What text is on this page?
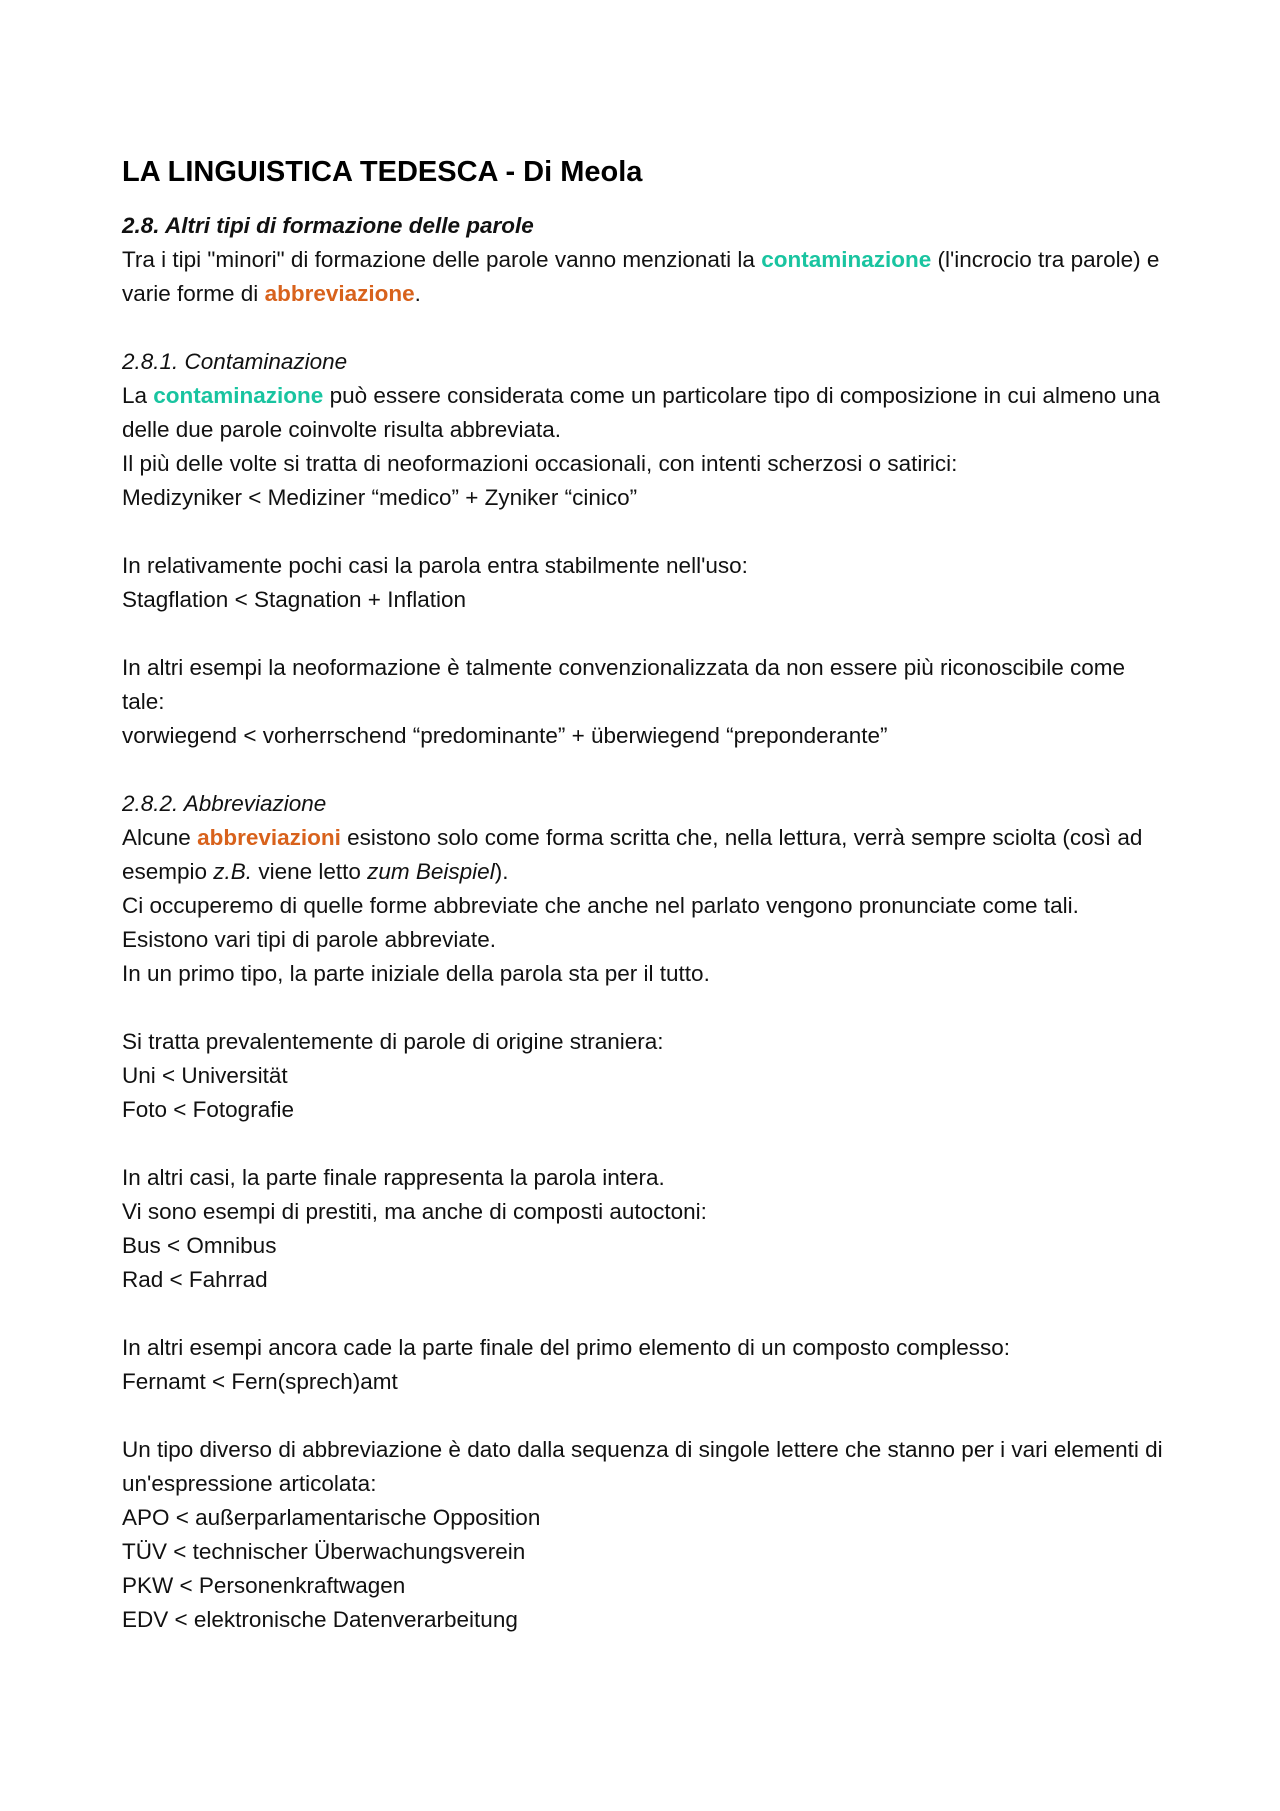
LA LINGUISTICA TEDESCA - Di Meola

2.8. Altri tipi di formazione delle parole

Tra i tipi "minori" di formazione delle parole vanno menzionati la contaminazione (l'incrocio tra parole) e varie forme di abbreviazione.

2.8.1. Contaminazione

La contaminazione può essere considerata come un particolare tipo di composizione in cui almeno una delle due parole coinvolte risulta abbreviata.

Il più delle volte si tratta di neoformazioni occasionali, con intenti scherzosi o satirici:

Medizyniker < Mediziner “medico” + Zyniker “cinico”

In relativamente pochi casi la parola entra stabilmente nell'uso:

Stagflation < Stagnation + Inflation

In altri esempi la neoformazione è talmente convenzionalizzata da non essere più riconoscibile come tale:

vorwiegend < vorherrschend “predominante” + überwiegend “preponderante”

2.8.2. Abbreviazione

Alcune abbreviazioni esistono solo come forma scritta che, nella lettura, verrà sempre sciolta (così ad esempio z.B. viene letto zum Beispiel).

Ci occuperemo di quelle forme abbreviate che anche nel parlato vengono pronunciate come tali.

Esistono vari tipi di parole abbreviate.

In un primo tipo, la parte iniziale della parola sta per il tutto.

Si tratta prevalentemente di parole di origine straniera:

Uni < Universität

Foto < Fotografie

In altri casi, la parte finale rappresenta la parola intera.

Vi sono esempi di prestiti, ma anche di composti autoctoni:

Bus < Omnibus

Rad < Fahrrad

In altri esempi ancora cade la parte finale del primo elemento di un composto complesso:

Fernamt < Fern(sprech)amt

Un tipo diverso di abbreviazione è dato dalla sequenza di singole lettere che stanno per i vari elementi di un'espressione articolata:

APO < außerparlamentarische Opposition

TÜV < technischer Überwachungsverein

PKW < Personenkraftwagen

EDV < elektronische Datenverarbeitung
